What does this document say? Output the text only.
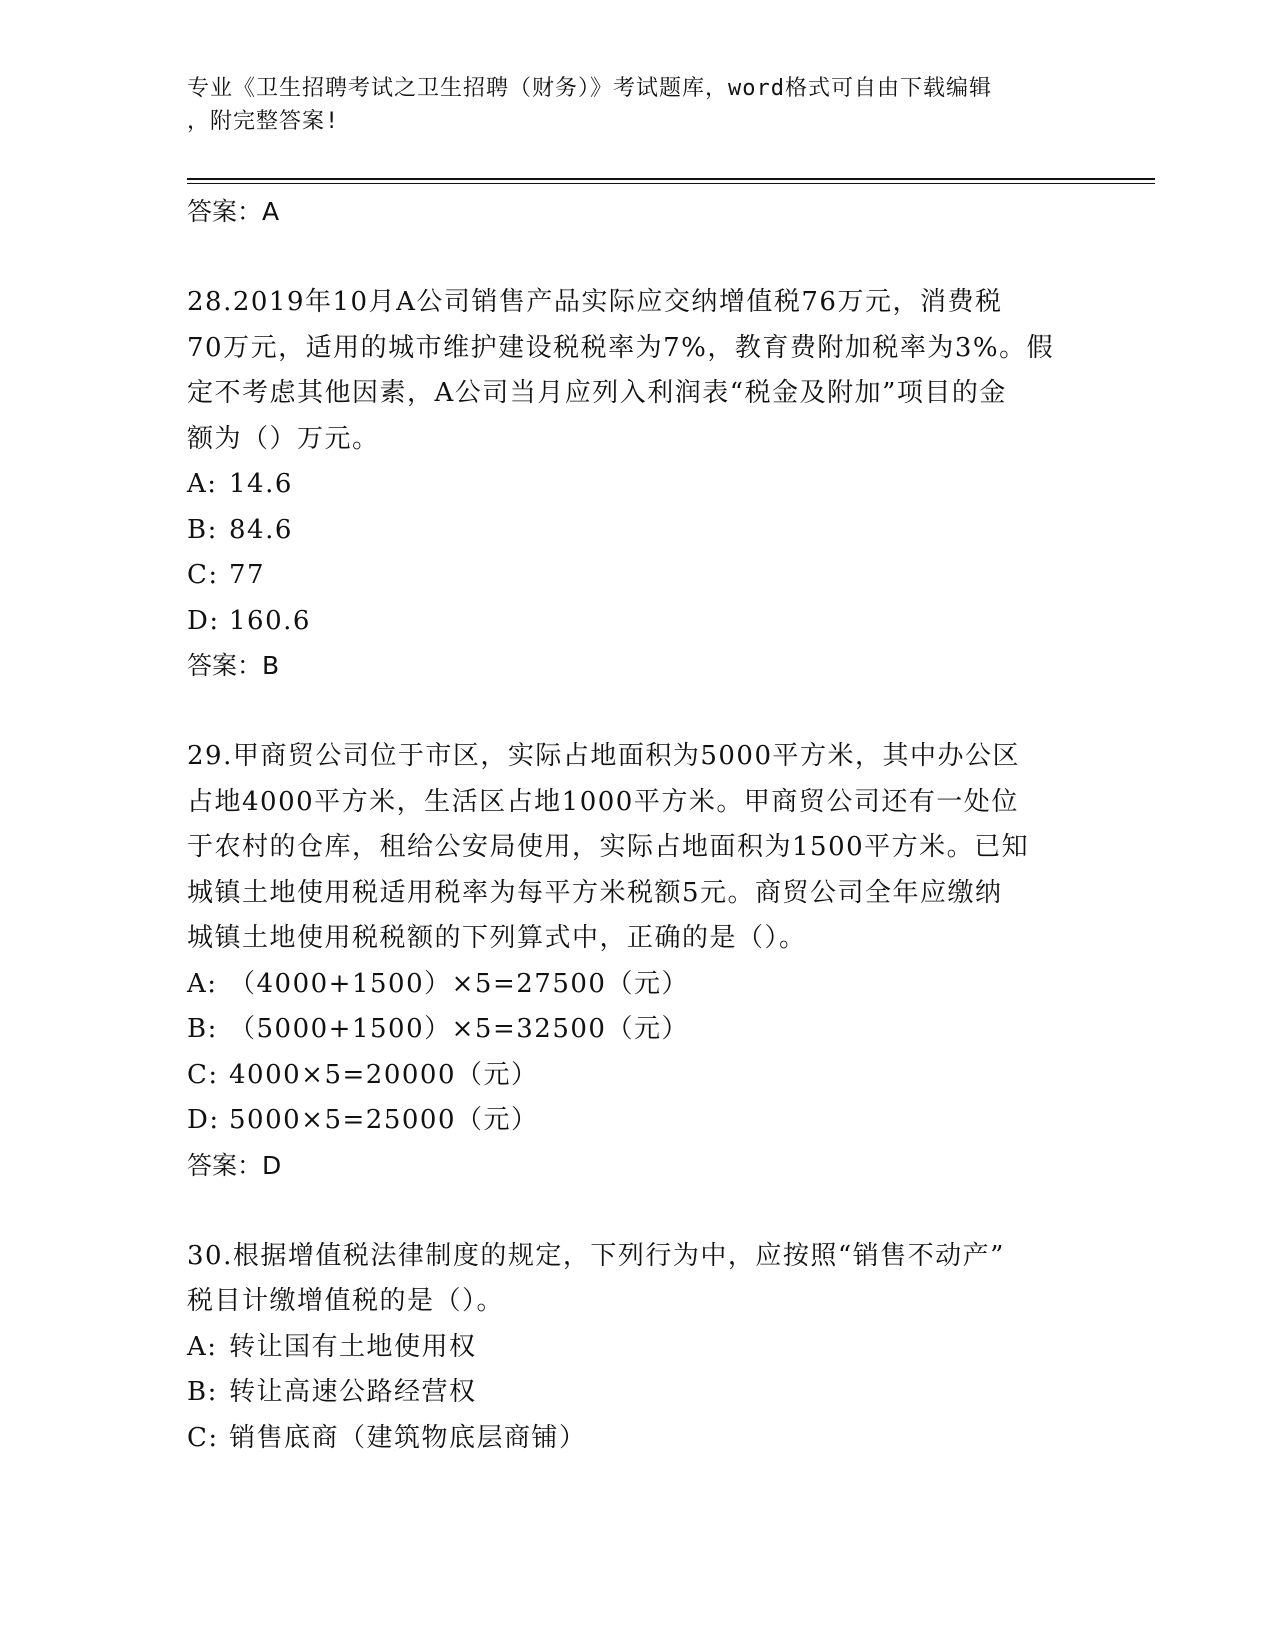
专业《卫生招聘考试之卫生招聘（财务）》考试题库，word格式可自由下载编辑
，附完整答案!
答案：A
28.2019年10月A公司销售产品实际应交纳增值税76万元，消费税
70万元，适用的城市维护建设税税率为7%，教育费附加税率为3%。假
定不考虑其他因素，A公司当月应列入利润表“税金及附加”项目的金
额为（）万元。
A: 14.6
B: 84.6
C: 77
D: 160.6
答案：B
29.甲商贸公司位于市区，实际占地面积为5000平方米，其中办公区
占地4000平方米，生活区占地1000平方米。甲商贸公司还有一处位
于农村的仓库，租给公安局使用，实际占地面积为1500平方米。已知
城镇土地使用税适用税率为每平方米税额5元。商贸公司全年应缴纳
城镇土地使用税税额的下列算式中，正确的是（）。
A: （4000+1500）×5=27500（元）
B: （5000+1500）×5=32500（元）
C: 4000×5=20000（元）
D: 5000×5=25000（元）
答案：D
30.根据增值税法律制度的规定，下列行为中，应按照“销售不动产”
税目计缴增值税的是（）。
A: 转让国有土地使用权
B: 转让高速公路经营权
C: 销售底商（建筑物底层商铺）
